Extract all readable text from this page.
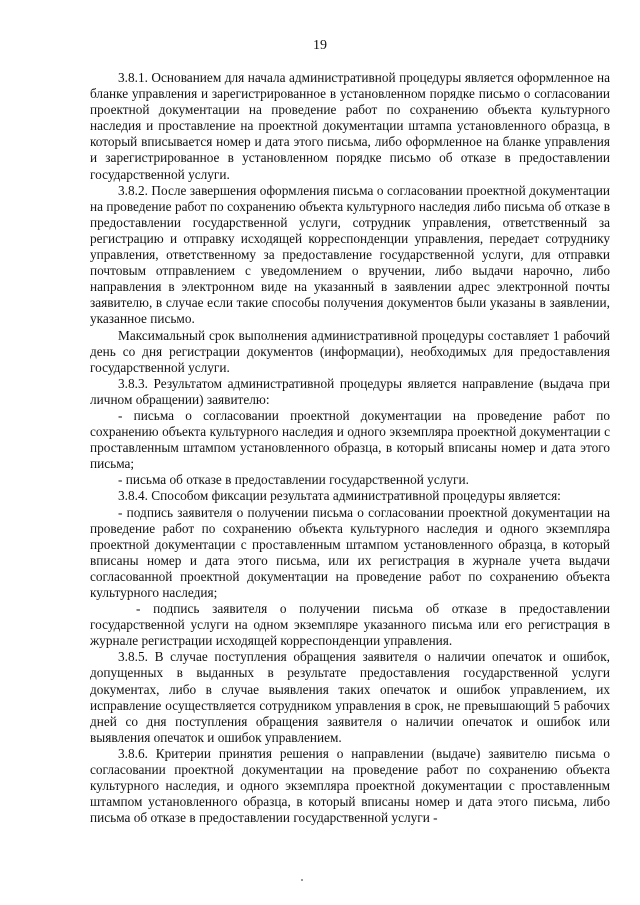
19

3.8.1. Основанием для начала административной процедуры является оформленное на бланке управления и зарегистрированное в установленном порядке письмо о согласовании проектной документации на проведение работ по сохранению объекта культурного наследия и проставление на проектной документации штампа установленного образца, в который вписывается номер и дата этого письма, либо оформленное на бланке управления и зарегистрированное в установленном порядке письмо об отказе в предоставлении государственной услуги.

3.8.2. После завершения оформления письма о согласовании проектной документации на проведение работ по сохранению объекта культурного наследия либо письма об отказе в предоставлении государственной услуги, сотрудник управления, ответственный за регистрацию и отправку исходящей корреспонденции управления, передает сотруднику управления, ответственному за предоставление государственной услуги, для отправки почтовым отправлением с уведомлением о вручении, либо выдачи нарочно, либо направления в электронном виде на указанный в заявлении адрес электронной почты заявителю, в случае если такие способы получения документов были указаны в заявлении, указанное письмо.

Максимальный срок выполнения административной процедуры составляет 1 рабочий день со дня регистрации документов (информации), необходимых для предоставления государственной услуги.

3.8.3. Результатом административной процедуры является направление (выдача при личном обращении) заявителю:

- письма о согласовании проектной документации на проведение работ по сохранению объекта культурного наследия и одного экземпляра проектной документации с проставленным штампом установленного образца, в который вписаны номер и дата этого письма;

- письма об отказе в предоставлении государственной услуги.

3.8.4. Способом фиксации результата административной процедуры является:

- подпись заявителя о получении письма о согласовании проектной документации на проведение работ по сохранению объекта культурного наследия и одного экземпляра проектной документации с проставленным штампом установленного образца, в который вписаны номер и дата этого письма, или их регистрация в журнале учета выдачи согласованной проектной документации на проведение работ по сохранению объекта культурного наследия;

- подпись заявителя о получении письма об отказе в предоставлении государственной услуги на одном экземпляре указанного письма или его регистрация в журнале регистрации исходящей корреспонденции управления.

3.8.5. В случае поступления обращения заявителя о наличии опечаток и ошибок, допущенных в выданных в результате предоставления государственной услуги документах, либо в случае выявления таких опечаток и ошибок управлением, их исправление осуществляется сотрудником управления в срок, не превышающий 5 рабочих дней со дня поступления обращения заявителя о наличии опечаток и ошибок или выявления опечаток и ошибок управлением.

3.8.6. Критерии принятия решения о направлении (выдаче) заявителю письма о согласовании проектной документации на проведение работ по сохранению объекта культурного наследия, и одного экземпляра проектной документации с проставленным штампом установленного образца, в который вписаны номер и дата этого письма, либо письма об отказе в предоставлении государственной услуги -
